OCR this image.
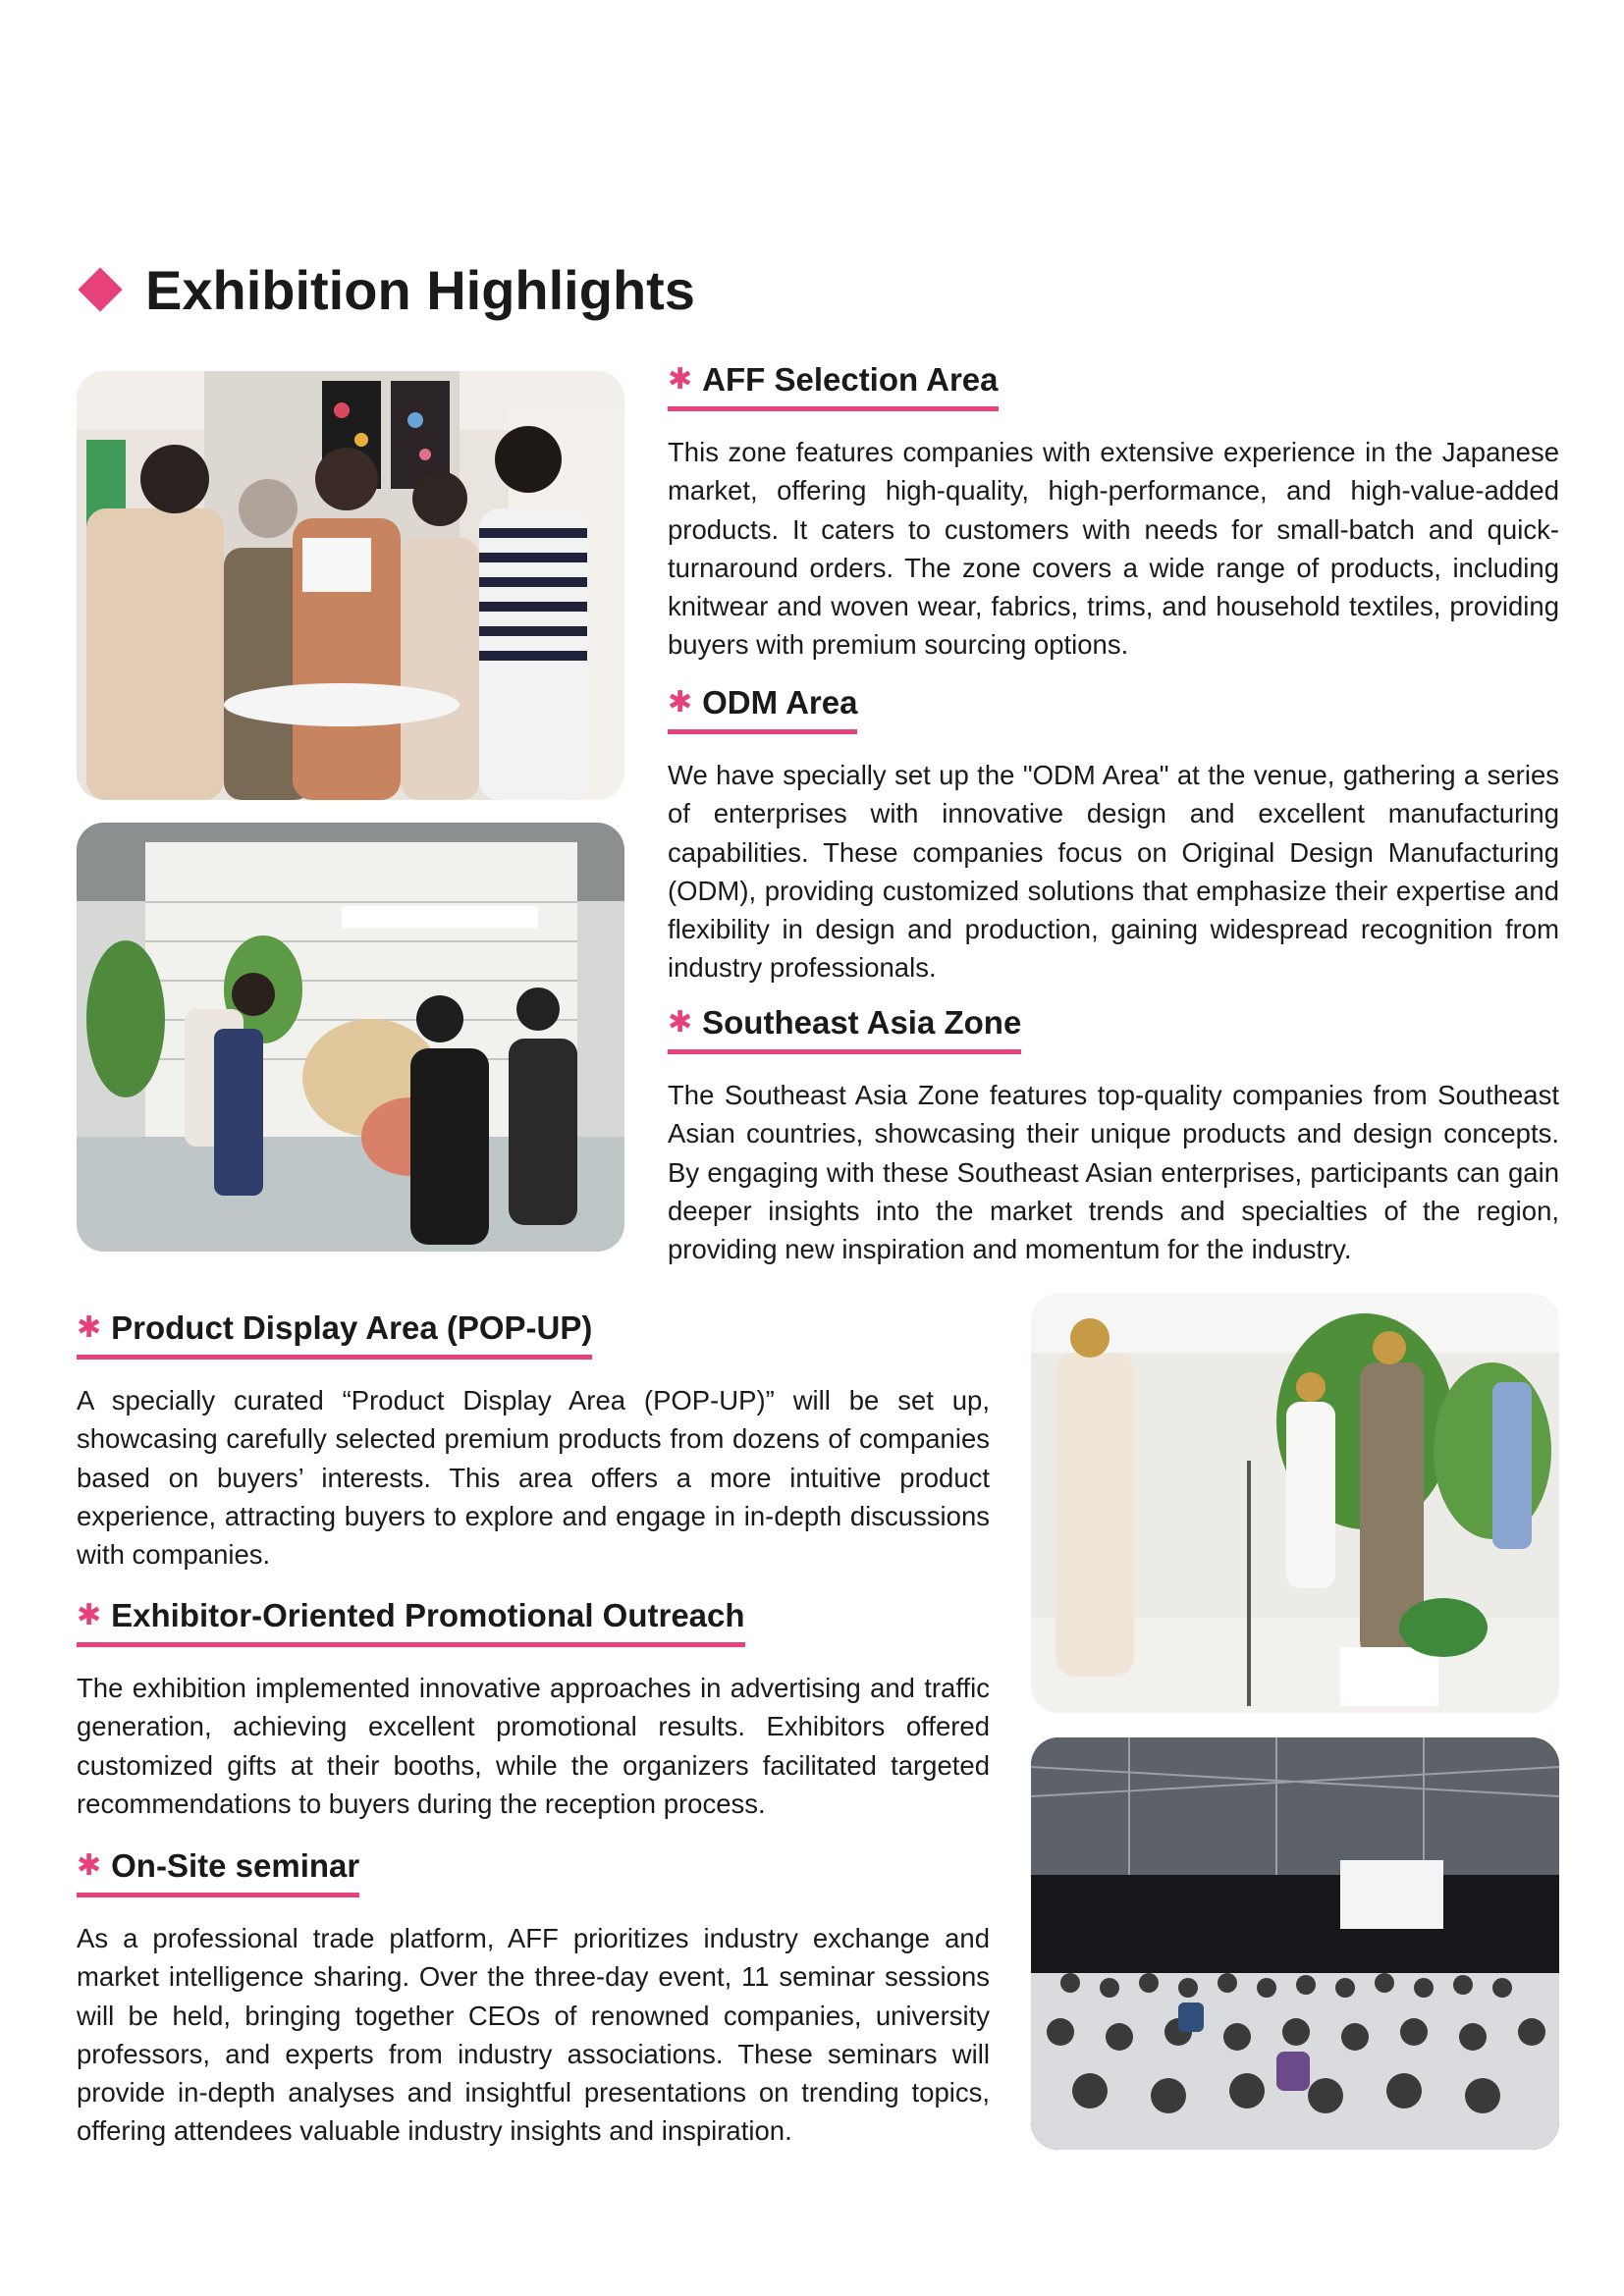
Exhibition Highlights
✱ AFF Selection Area

This zone features companies with extensive experience in the Japanese market, offering high-quality, high-performance, and high-value-added products. It caters to customers with needs for small-batch and quick-turnaround orders. The zone covers a wide range of products, including knitwear and woven wear, fabrics, trims, and household textiles, providing buyers with premium sourcing options.

✱ ODM Area

We have specially set up the "ODM Area" at the venue, gathering a series of enterprises with innovative design and excellent manufacturing capabilities. These companies focus on Original Design Manufacturing (ODM), providing customized solutions that emphasize their expertise and flexibility in design and production, gaining widespread recognition from industry professionals.

✱ Southeast Asia Zone

The Southeast Asia Zone features top-quality companies from Southeast Asian countries, showcasing their unique products and design concepts. By engaging with these Southeast Asian enterprises, participants can gain deeper insights into the market trends and specialties of the region, providing new inspiration and momentum for the industry.

✱ Product Display Area (POP-UP)

A specially curated “Product Display Area (POP-UP)” will be set up, showcasing carefully selected premium products from dozens of companies based on buyers’ interests. This area offers a more intuitive product experience, attracting buyers to explore and engage in in-depth discussions with companies.

✱ Exhibitor-Oriented Promotional Outreach

The exhibition implemented innovative approaches in advertising and traffic generation, achieving excellent promotional results. Exhibitors offered customized gifts at their booths, while the organizers facilitated targeted recommendations to buyers during the reception process.

✱ On-Site seminar

As a professional trade platform, AFF prioritizes industry exchange and market intelligence sharing. Over the three-day event, 11 seminar sessions will be held, bringing together CEOs of renowned companies, university professors, and experts from industry associations. These seminars will provide in-depth analyses and insightful presentations on trending topics, offering attendees valuable industry insights and inspiration.
